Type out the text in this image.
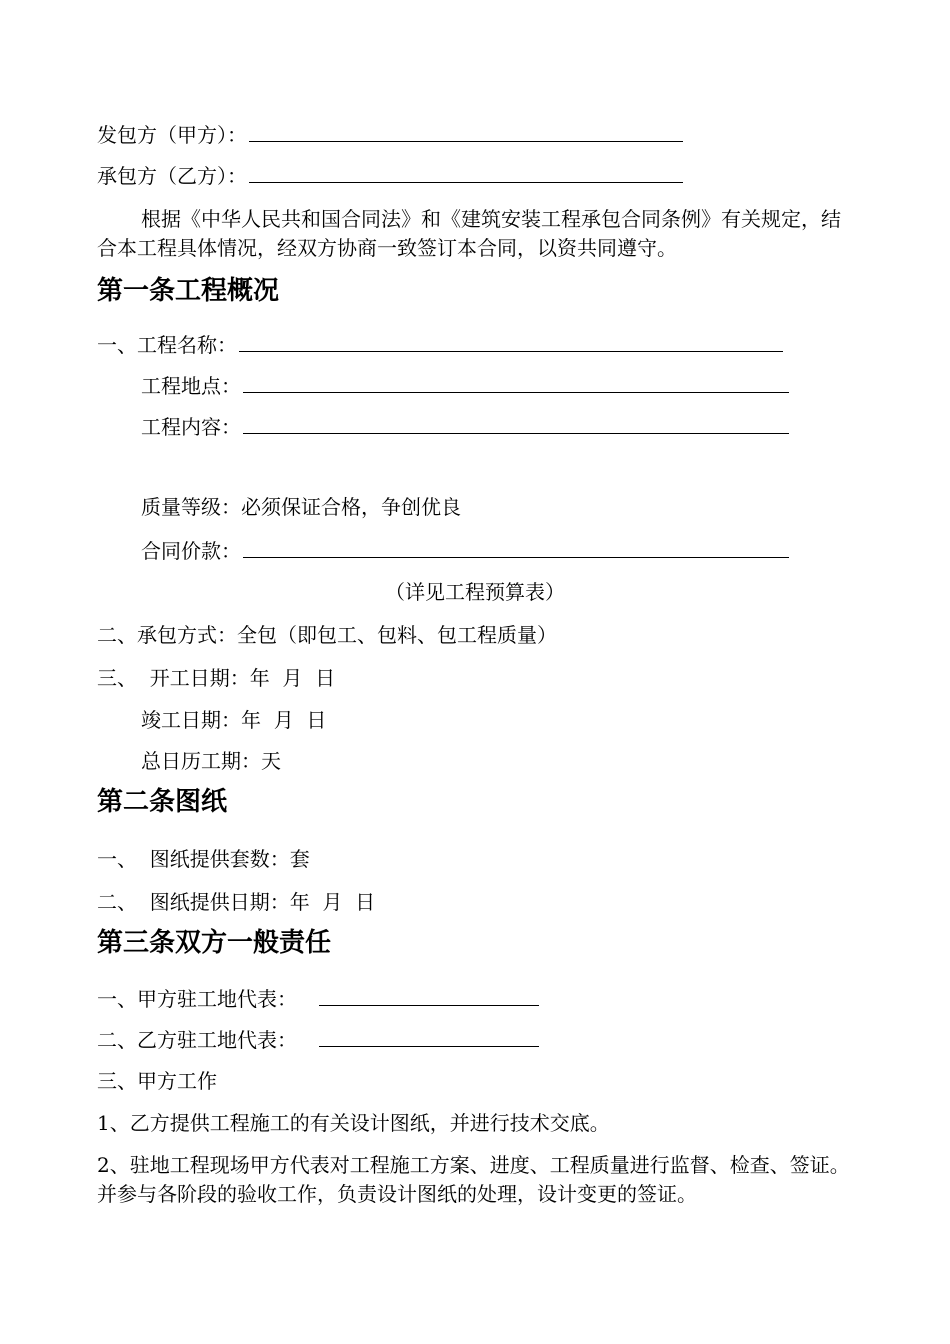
发包方（甲方）：
承包方（乙方）：
根据《中华人民共和国合同法》和《建筑安装工程承包合同条例》有关规定，结合本工程具体情况，经双方协商一致签订本合同，以资共同遵守。
第一条工程概况
一、工程名称：
工程地点：
工程内容：
质量等级：必须保证合格，争创优良
合同价款：
（详见工程预算表）
二、承包方式：全包（即包工、包料、包工程质量）
三、  开工日期：年  月  日
竣工日期：年  月  日
总日历工期：天
第二条图纸
一、  图纸提供套数：套
二、  图纸提供日期：年  月  日
第三条双方一般责任
一、甲方驻工地代表：
二、乙方驻工地代表：
三、甲方工作
1、乙方提供工程施工的有关设计图纸，并进行技术交底。
2、驻地工程现场甲方代表对工程施工方案、进度、工程质量进行监督、检查、签证。并参与各阶段的验收工作，负责设计图纸的处理，设计变更的签证。
